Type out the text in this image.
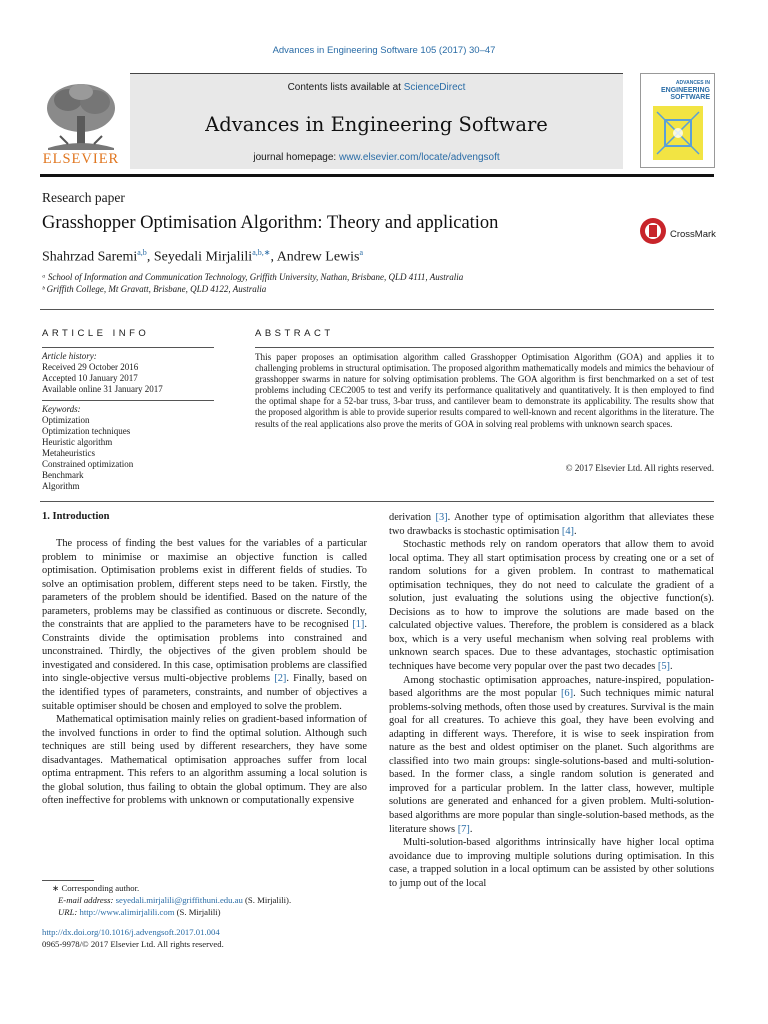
Advances in Engineering Software 105 (2017) 30–47
Contents lists available at ScienceDirect
Advances in Engineering Software
journal homepage: www.elsevier.com/locate/advengsoft
ELSEVIER
ADVANCES IN
ENGINEERING
SOFTWARE
Research paper
Grasshopper Optimisation Algorithm: Theory and application
CrossMark
Shahrzad Saremi$^{a,b}$, Seyedali Mirjalili$^{a,b,∗}$, Andrew Lewis$^a$
ᵃ School of Information and Communication Technology, Griffith University, Nathan, Brisbane, QLD 4111, Australia
ᵇ Griffith College, Mt Gravatt, Brisbane, QLD 4122, Australia
ARTICLE INFO	ABSTRACT
Article history:
Received 29 October 2016
Accepted 10 January 2017
Available online 31 January 2017
Keywords:
Optimization
Optimization techniques
Heuristic algorithm
Metaheuristics
Constrained optimization
Benchmark
Algorithm
This paper proposes an optimisation algorithm called Grasshopper Optimisation Algorithm (GOA) and applies it to challenging problems in structural optimisation. The proposed algorithm mathematically models and mimics the behaviour of grasshopper swarms in nature for solving optimisation problems. The GOA algorithm is first benchmarked on a set of test problems including CEC2005 to test and verify its performance qualitatively and quantitatively. It is then employed to find the optimal shape for a 52-bar truss, 3-bar truss, and cantilever beam to demonstrate its applicability. The results show that the proposed algorithm is able to provide superior results compared to well-known and recent algorithms in the literature. The results of the real applications also prove the merits of GOA in solving real problems with unknown search spaces.
© 2017 Elsevier Ltd. All rights reserved.
1. Introduction

The process of finding the best values for the variables of a particular problem to minimise or maximise an objective function is called optimisation. Optimisation problems exist in different fields of studies. To solve an optimisation problem, different steps need to be taken. Firstly, the parameters of the problem should be identified. Based on the nature of the parameters, problems may be classified as continuous or discrete. Secondly, the constraints that are applied to the parameters have to be recognised [1]. Constraints divide the optimisation problems into constrained and unconstrained. Thirdly, the objectives of the given problem should be investigated and considered. In this case, optimisation problems are classified into single-objective versus multi-objective problems [2]. Finally, based on the identified types of parameters, constraints, and number of objectives a suitable optimiser should be chosen and employed to solve the problem.

Mathematical optimisation mainly relies on gradient-based information of the involved functions in order to find the optimal solution. Although such techniques are still being used by different researchers, they have some disadvantages. Mathematical optimisation approaches suffer from local optima entrapment. This refers to an algorithm assuming a local solution is the global solution, thus failing to obtain the global optimum. They are also often ineffective for problems with unknown or computationally expensive

derivation [3]. Another type of optimisation algorithm that alleviates these two drawbacks is stochastic optimisation [4].

Stochastic methods rely on random operators that allow them to avoid local optima. They all start optimisation process by creating one or a set of random solutions for a given problem. In contrast to mathematical optimisation techniques, they do not need to calculate the gradient of a solution, just evaluating the solutions using the objective function(s). Decisions as to how to improve the solutions are made based on the calculated objective values. Therefore, the problem is considered as a black box, which is a very useful mechanism when solving real problems with unknown search spaces. Due to these advantages, stochastic optimisation techniques have become very popular over the past two decades [5].

Among stochastic optimisation approaches, nature-inspired, population-based algorithms are the most popular [6]. Such techniques mimic natural problems-solving methods, often those used by creatures. Survival is the main goal for all creatures. To achieve this goal, they have been evolving and adapting in different ways. Therefore, it is wise to seek inspiration from nature as the best and oldest optimiser on the planet. Such algorithms are classified into two main groups: single-solutions-based and multi-solution-based. In the former class, a single random solution is generated and improved for a particular problem. In the latter class, however, multiple solutions are generated and enhanced for a given problem. Multi-solution-based algorithms are more popular than single-solution-based methods, as the literature shows [7].

Multi-solution-based algorithms intrinsically have higher local optima avoidance due to improving multiple solutions during optimisation. In this case, a trapped solution in a local optimum can be assisted by other solutions to jump out of the local

∗ Corresponding author.
E-mail address: seyedali.mirjalili@griffithuni.edu.au (S. Mirjalili).
URL: http://www.alimirjalili.com (S. Mirjalili)
http://dx.doi.org/10.1016/j.advengsoft.2017.01.004
0965-9978/© 2017 Elsevier Ltd. All rights reserved.
